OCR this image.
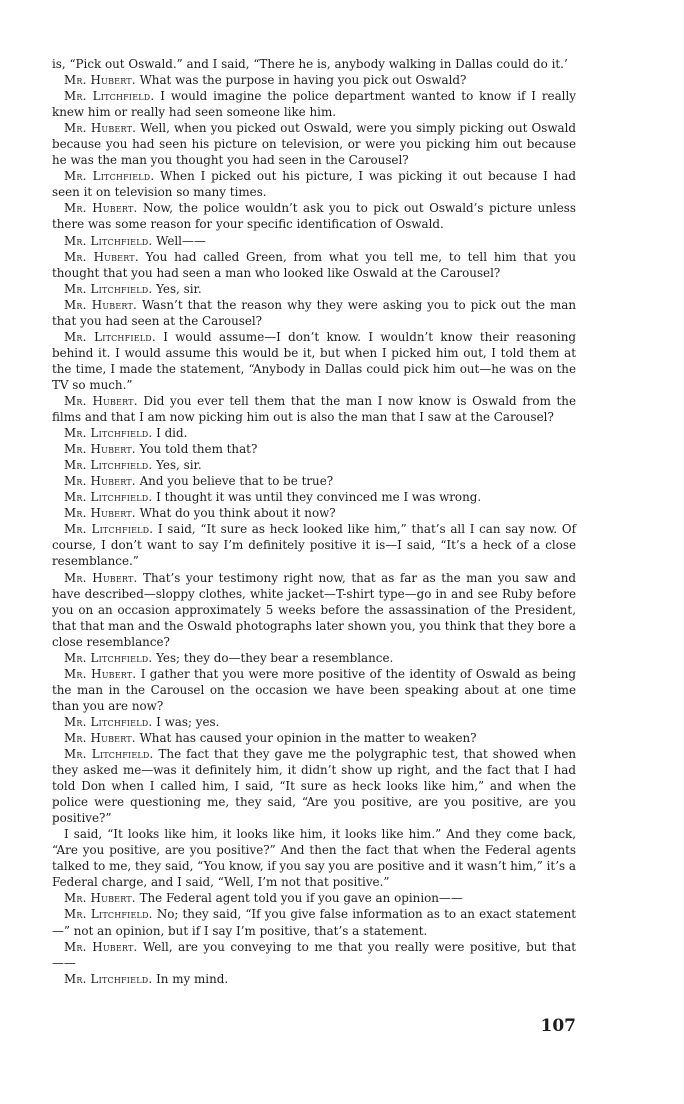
is, “Pick out Oswald.” and I said, “There he is, anybody walking in Dallas could do it.’

Mr. Hubert. What was the purpose in having you pick out Oswald?

Mr. Litchfield. I would imagine the police department wanted to know if I really knew him or really had seen someone like him.

Mr. Hubert. Well, when you picked out Oswald, were you simply picking out Oswald because you had seen his picture on television, or were you picking him out because he was the man you thought you had seen in the Carousel?

Mr. Litchfield. When I picked out his picture, I was picking it out because I had seen it on television so many times.

Mr. Hubert. Now, the police wouldn’t ask you to pick out Oswald’s picture unless there was some reason for your specific identification of Oswald.

Mr. Litchfield. Well——

Mr. Hubert. You had called Green, from what you tell me, to tell him that you thought that you had seen a man who looked like Oswald at the Carousel?

Mr. Litchfield. Yes, sir.

Mr. Hubert. Wasn’t that the reason why they were asking you to pick out the man that you had seen at the Carousel?

Mr. Litchfield. I would assume—I don’t know. I wouldn’t know their reasoning behind it. I would assume this would be it, but when I picked him out, I told them at the time, I made the statement, “Anybody in Dallas could pick him out—he was on the TV so much.”

Mr. Hubert. Did you ever tell them that the man I now know is Oswald from the films and that I am now picking him out is also the man that I saw at the Carousel?

Mr. Litchfield. I did.

Mr. Hubert. You told them that?

Mr. Litchfield. Yes, sir.

Mr. Hubert. And you believe that to be true?

Mr. Litchfield. I thought it was until they convinced me I was wrong.

Mr. Hubert. What do you think about it now?

Mr. Litchfield. I said, “It sure as heck looked like him,” that’s all I can say now. Of course, I don’t want to say I’m definitely positive it is—I said, “It’s a heck of a close resemblance.”

Mr. Hubert. That’s your testimony right now, that as far as the man you saw and have described—sloppy clothes, white jacket—T-shirt type—go in and see Ruby before you on an occasion approximately 5 weeks before the assassination of the President, that that man and the Oswald photographs later shown you, you think that they bore a close resemblance?

Mr. Litchfield. Yes; they do—they bear a resemblance.

Mr. Hubert. I gather that you were more positive of the identity of Oswald as being the man in the Carousel on the occasion we have been speaking about at one time than you are now?

Mr. Litchfield. I was; yes.

Mr. Hubert. What has caused your opinion in the matter to weaken?

Mr. Litchfield. The fact that they gave me the polygraphic test, that showed when they asked me—was it definitely him, it didn’t show up right, and the fact that I had told Don when I called him, I said, “It sure as heck looks like him,” and when the police were questioning me, they said, “Are you positive, are you positive, are you positive?”

I said, “It looks like him, it looks like him, it looks like him.” And they come back, “Are you positive, are you positive?” And then the fact that when the Federal agents talked to me, they said, “You know, if you say you are positive and it wasn’t him,” it’s a Federal charge, and I said, “Well, I’m not that positive.”

Mr. Hubert. The Federal agent told you if you gave an opinion——

Mr. Litchfield. No; they said, “If you give false information as to an exact statement—” not an opinion, but if I say I’m positive, that’s a statement.

Mr. Hubert. Well, are you conveying to me that you really were positive, but that——

Mr. Litchfield. In my mind.

107
